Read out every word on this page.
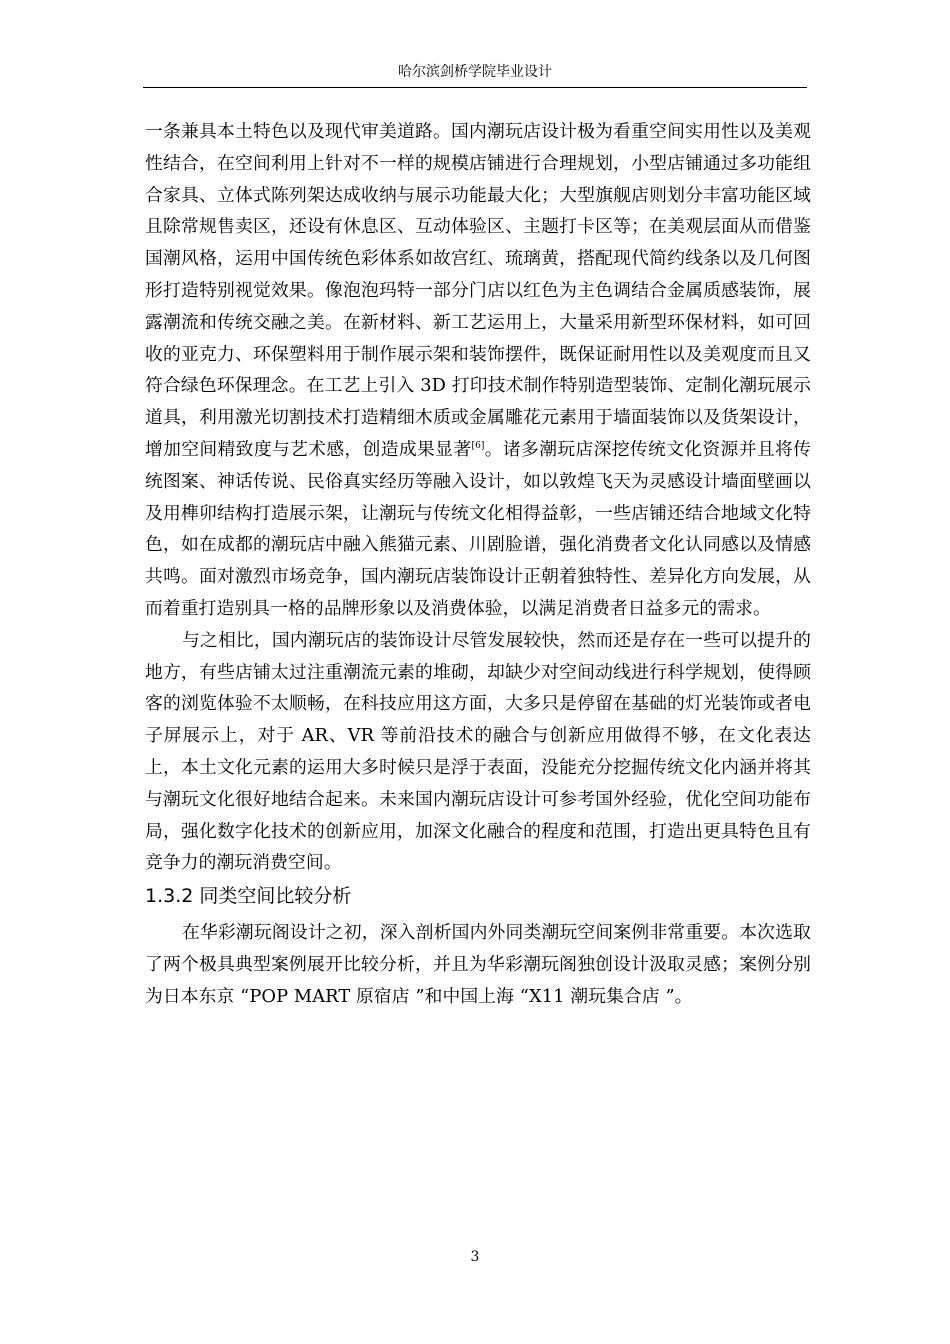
哈尔滨剑桥学院毕业设计

一条兼具本土特色以及现代审美道路。国内潮玩店设计极为看重空间实用性以及美观性结合，在空间利用上针对不一样的规模店铺进行合理规划，小型店铺通过多功能组合家具、立体式陈列架达成收纳与展示功能最大化；大型旗舰店则划分丰富功能区域且除常规售卖区，还设有休息区、互动体验区、主题打卡区等；在美观层面从而借鉴国潮风格，运用中国传统色彩体系如故宫红、琉璃黄，搭配现代简约线条以及几何图形打造特别视觉效果。像泡泡玛特一部分门店以红色为主色调结合金属质感装饰，展露潮流和传统交融之美。在新材料、新工艺运用上，大量采用新型环保材料，如可回收的亚克力、环保塑料用于制作展示架和装饰摆件，既保证耐用性以及美观度而且又符合绿色环保理念。在工艺上引入 3D 打印技术制作特别造型装饰、定制化潮玩展示道具，利用激光切割技术打造精细木质或金属雕花元素用于墙面装饰以及货架设计，增加空间精致度与艺术感，创造成果显著[6]。诸多潮玩店深挖传统文化资源并且将传统图案、神话传说、民俗真实经历等融入设计，如以敦煌飞天为灵感设计墙面壁画以及用榫卯结构打造展示架，让潮玩与传统文化相得益彰，一些店铺还结合地域文化特色，如在成都的潮玩店中融入熊猫元素、川剧脸谱，强化消费者文化认同感以及情感共鸣。面对激烈市场竞争，国内潮玩店装饰设计正朝着独特性、差异化方向发展，从而着重打造别具一格的品牌形象以及消费体验，以满足消费者日益多元的需求。

与之相比，国内潮玩店的装饰设计尽管发展较快，然而还是存在一些可以提升的地方，有些店铺太过注重潮流元素的堆砌，却缺少对空间动线进行科学规划，使得顾客的浏览体验不太顺畅，在科技应用这方面，大多只是停留在基础的灯光装饰或者电子屏展示上，对于 AR、VR 等前沿技术的融合与创新应用做得不够，在文化表达上，本土文化元素的运用大多时候只是浮于表面，没能充分挖掘传统文化内涵并将其与潮玩文化很好地结合起来。未来国内潮玩店设计可参考国外经验，优化空间功能布局，强化数字化技术的创新应用，加深文化融合的程度和范围，打造出更具特色且有竞争力的潮玩消费空间。

1.3.2 同类空间比较分析

在华彩潮玩阁设计之初，深入剖析国内外同类潮玩空间案例非常重要。本次选取了两个极具典型案例展开比较分析，并且为华彩潮玩阁独创设计汲取灵感；案例分别为日本东京 “POP MART 原宿店 ”和中国上海 “X11 潮玩集合店 ”。

3
